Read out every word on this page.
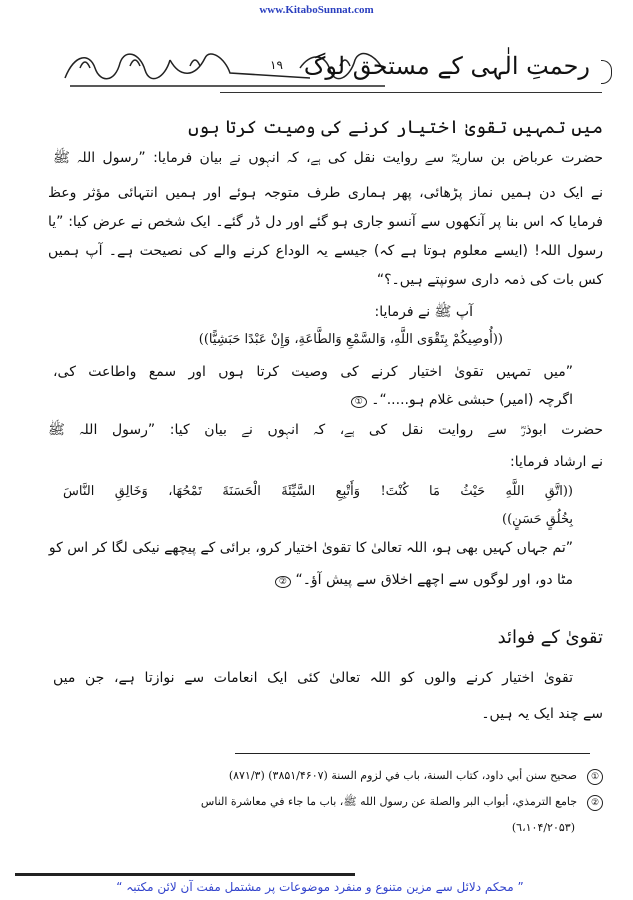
www.KitaboSunnat.com
۱۹ رحمتِ الٰہی کے مستحق لوگ
میں تمہیں تقویٰ اختیار کرنے کی وصیت کرتا ہوں
حضرت عرباض بن ساریہؓ سے روایت نقل کی ہے، کہ انہوں نے بیان فرمایا: ”رسول اللہ ﷺ
نے ایک دن ہمیں نماز پڑھائی، پھر ہماری طرف متوجہ ہوئے اور ہمیں انتہائی مؤثر وعظ
فرمایا کہ اس بنا پر آنکھوں سے آنسو جاری ہو گئے اور دل ڈر گئے۔ ایک شخص نے عرض کیا: ”یا
رسول اللہ! (ایسے معلوم ہوتا ہے کہ) جیسے یہ الوداع کرنے والے کی نصیحت ہے۔ آپ ہمیں
کس بات کی ذمہ داری سونپتے ہیں۔؟“
آپ ﷺ نے فرمایا:
((أُوصِيكُمْ بِتَقْوَى اللَّهِ، وَالسَّمْعِ وَالطَّاعَةِ، وَإِنْ عَبْدًا حَبَشِيًّا))
”میں تمہیں تقویٰ اختیار کرنے کی وصیت کرتا ہوں اور سمع واطاعت کی،
اگرچہ (امیر) حبشی غلام ہو.....“۔ ①
حضرت ابوذرؓ سے روایت نقل کی ہے، کہ انہوں نے بیان کیا: ”رسول اللہ ﷺ
نے ارشاد فرمایا:
((اتَّقِ اللَّهِ حَيْثُ مَا كُنْتَ! وَأَتْبِعِ السَّيِّئَةَ الْحَسَنَةَ تَمْحُهَا، وَخَالِقِ النَّاسَ
بِخُلُقٍ حَسَنٍ))
”تم جہاں کہیں بھی ہو، اللہ تعالیٰ کا تقویٰ اختیار کرو، برائی کے پیچھے نیکی لگا کر اس کو
مٹا دو، اور لوگوں سے اچھے اخلاق سے پیش آؤ۔“ ②
تقویٰ کے فوائد
تقویٰ اختیار کرنے والوں کو اللہ تعالیٰ کئی ایک انعامات سے نوازتا ہے، جن میں
سے چند ایک یہ ہیں۔
①صحيح سنن أبي داود، كتاب السنة، باب في لزوم السنة (۳۸۵۱/۴۶۰۷) (۸۷۱/۳)
②جامع الترمذي، أبواب البر والصلة عن رسول الله ﷺ، باب ما جاء في معاشرة الناس
(۱۰۴/۲۰۵۳،٦)
” محکم دلائل سے مزین متنوع و منفرد موضوعات پر مشتمل مفت آن لائن مکتبہ “
